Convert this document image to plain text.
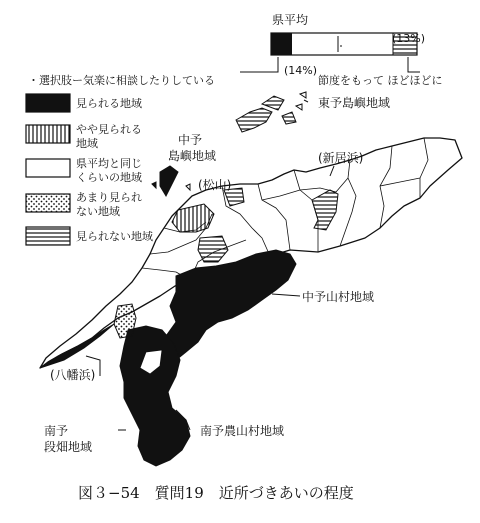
県平均
(14%)
(13%)
・選択肢ー気楽に相談したりしている	節度をもって ほどほどに
見られる地域
やや見られる
地域
県平均と同じ
くらいの地域
あまり見られ
ない地域
見られない地域
東予島嶼地域
中予
島嶼地域	(新居浜)
(松山)
中予山村地域
(八幡浜)
南予
段畑地域
南予農山村地域
図３−54　質問19　近所づきあいの程度
